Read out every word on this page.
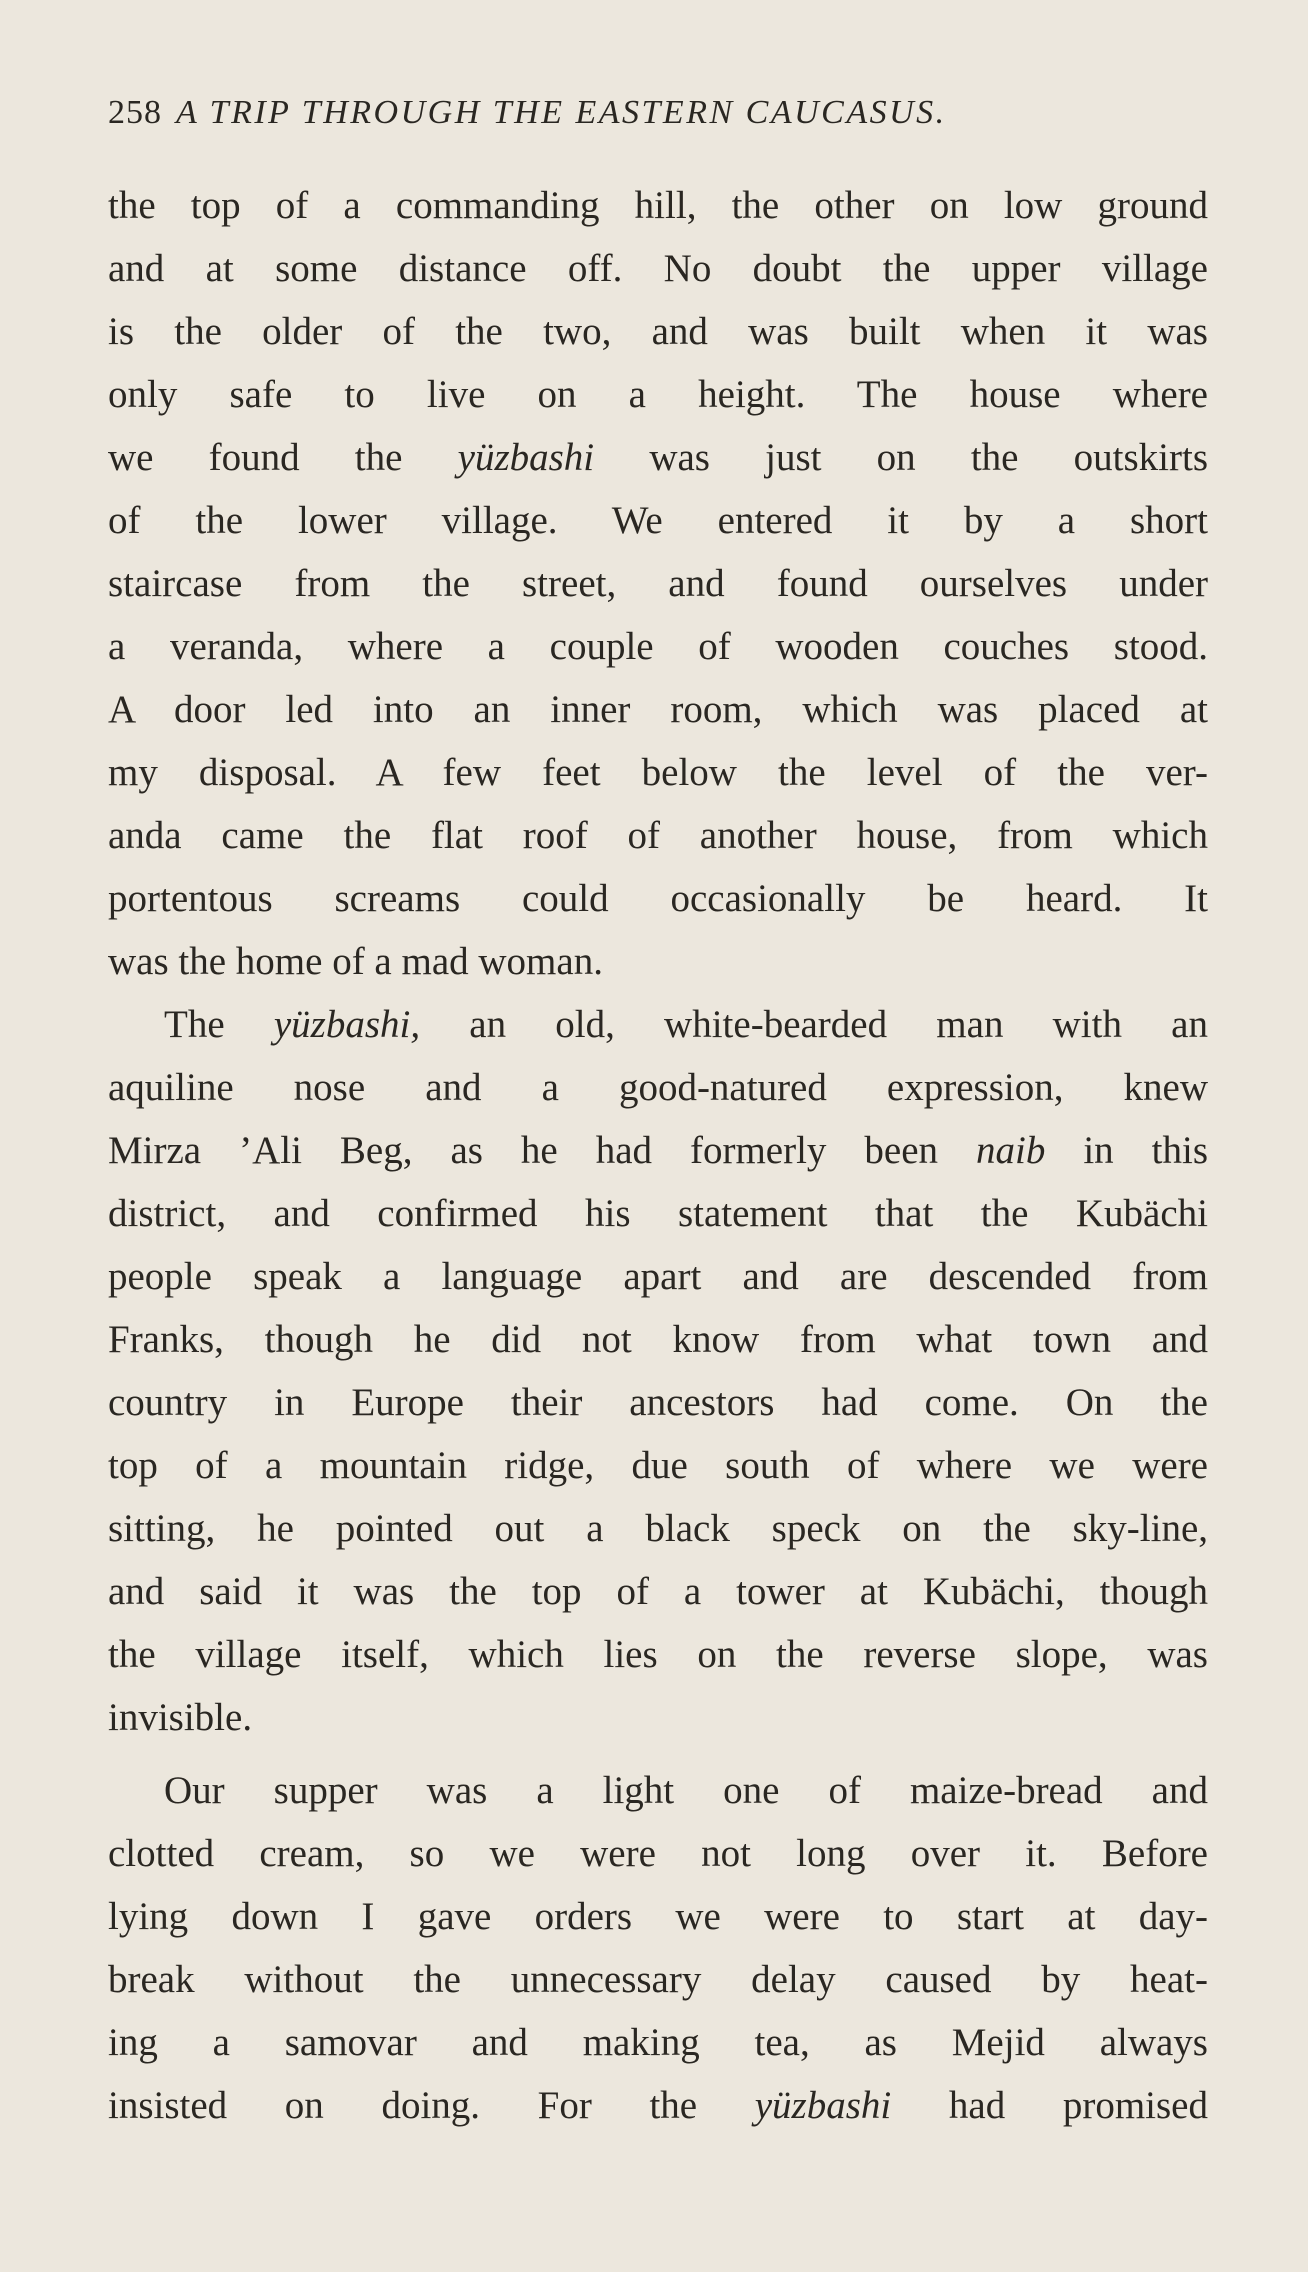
258 A TRIP THROUGH THE EASTERN CAUCASUS.
the top of a commanding hill, the other on low ground
and at some distance off. No doubt the upper village
is the older of the two, and was built when it was
only safe to live on a height. The house where
we found the yüzbashi was just on the outskirts
of the lower village. We entered it by a short
staircase from the street, and found ourselves under
a veranda, where a couple of wooden couches stood.
A door led into an inner room, which was placed at
my disposal. A few feet below the level of the ver-
anda came the flat roof of another house, from which
portentous screams could occasionally be heard. It
was the home of a mad woman.
The yüzbashi, an old, white-bearded man with an
aquiline nose and a good-natured expression, knew
Mirza ’Ali Beg, as he had formerly been naib in this
district, and confirmed his statement that the Kubächi
people speak a language apart and are descended from
Franks, though he did not know from what town and
country in Europe their ancestors had come. On the
top of a mountain ridge, due south of where we were
sitting, he pointed out a black speck on the sky-line,
and said it was the top of a tower at Kubächi, though
the village itself, which lies on the reverse slope, was
invisible.
Our supper was a light one of maize-bread and
clotted cream, so we were not long over it. Before
lying down I gave orders we were to start at day-
break without the unnecessary delay caused by heat-
ing a samovar and making tea, as Mejid always
insisted on doing. For the yüzbashi had promised
